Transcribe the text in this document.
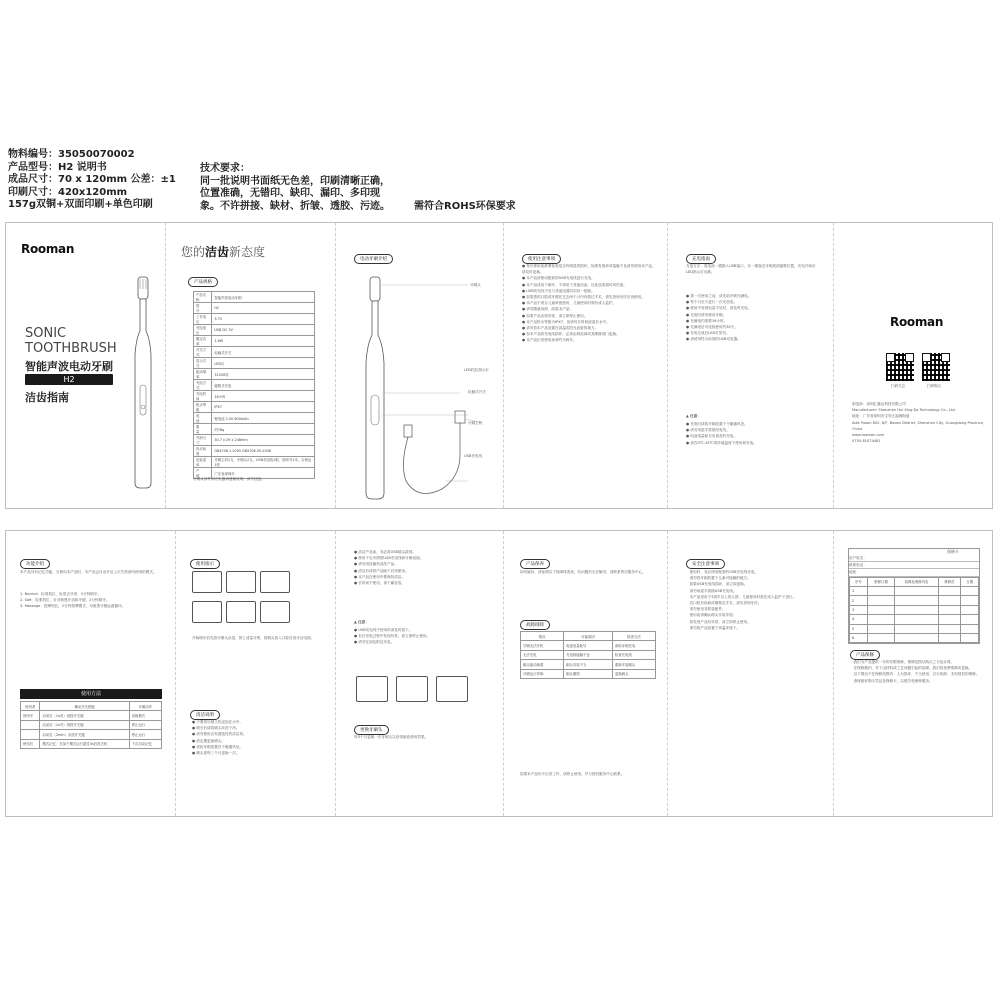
物料编号：35050070002
产品型号：H2 说明书
成品尺寸：70 x 120mm 公差：±1
印刷尺寸：420x120mm
157g双铜+双面印刷+单色印刷
技术要求：
同一批说明书面纸无色差，印刷清晰正确，
位置准确，无错印、缺印、漏印、多印现
象。不许拼接、缺材、折皱、透胶、污迹。 需符合ROHS环保要求
Rooman
SONIC
TOOTHBRUSH
智能声波电动牙刷
H2
洁齿指南
您的洁齿新态度
产品规格
产品名称	智能声波电动牙刷
型　　号	H2
工作电压	3.7V
充电电压	USB DC 5V
额定功率	1.6W
开关方式	轻触式开关
显示方式	LED灯
振动频率	31000转
充电方式	磁吸式充电
充电时间	16小时
防水等级	IPX7
电　　池	锂电池 2.4V 600mAh
重　　量	约78g
外形尺寸	30.7 x 29 x 248mm
执行标准	GB4706.1-2005 GB4706.59-2008
包装清单	牙刷主机1支、牙刷头2支、USB充电线1根、说明书1本、合格证1张
产　　地	广东省深圳市
牙刷头部件和充电器请遵循说明。请勿浸泡。
电动牙刷介绍
牙刷头
LED档位指示灯
轻触式开关
牙刷主机
USB充电线
使用注意事项
● 每次使用前都要检查是否有明显的损坏，如果有损坏或接触不良请勿使用本产品，请及时更换。
● 本产品请使用配套的USB充电线进行充电。
● 本产品适用于刷牙，不得用于其他用途，以免造成损坏或伤害。
● USB充电线不宜与其他电器共用同一插座。
● 如果您的口腔或牙龈在过去两个月内有做过手术，请先咨询牙医后再使用。
● 本产品不适合儿童单独使用，儿童使用时需有成人监护。
● 请勿随意拆卸、改装本产品。
● 如果产品出现异常，请立即停止使用。
● 本产品防水等级为IPX7，但请勿长时间浸泡在水中。
● 请勿将本产品放置在高温或阳光直射的地方。
● 如本产品的充电线损坏，必须由制造商或其维修部门更换。
● 本产品正常使用寿命约为两年。
充电指南
充电方法：将电池一端插入USB接口，另一端靠近牙刷底部磁吸位置，充电开始后LED指示灯闪烁。
● 第一次使用之前，请先给牙刷充满电。
● 每个月至少进行一次充放电。
● 使用中发现电量不足时，请及时充电。
● 充电时请勿使用牙刷。
● 充满电约需要16小时。
● 充满电后可连续使用约30天。
● 充电完成后LED灯常亮。
● 请使用符合标准的USB充电器。
▲ 注意：
● 充电时请将牙刷放置于干燥通风处。
● 请勿用湿手拔插充电线。
● 电池电量耗尽后请及时充电。
● 请在0℃-35℃的环境温度下使用和充电。
Rooman
扫码关注	扫码购买
制造商：深圳汇鑫达科技有限公司
Manufacturer: Shenzhen Hui Xing Da Technology Co., Ltd.
地址：广东省深圳市宝安区福海街道
Add: Room 802, 8/F, Baoan District, Shenzhen City, Guangdong Province, China
www.rooman.com
0755-81074481
功能介绍
本产品具有记忆功能，当使用本产品时，本产品会自动开启上次关机前所使用的模式。
1. Normal：标准档位，轻度去牙渍，2分钟刷牙。
2. Soft：轻柔档位，针对敏感牙齿和牙龈，2分钟刷牙。
3. Massage：按摩档位，2分钟按摩模式，可改善牙龈血液循环。
使用方法
使用者	操动开关按键	牙刷动作
使用中	启动后（1s内）再按开关键	切换模式
	启动后（1s外）再按开关键	停止运行
	启动后（2min）未按开关键	停止运行
使用后	模式记忆：在某个模式运行超过5s后再关机	下次启动记忆
使用指示
开始刷牙前先将牙刷头沾湿，挤上适量牙膏，将刷头放入口腔后再开启电源。
清洁说明
● 不要将牙刷主机浸泡在水中。
● 刷牙后请将刷头冲洗干净。
● 请勿使用含有腐蚀性的清洁剂。
● 请定期更换刷头。
● 请将牙刷放置在干燥通风处。
● 刷头需每三个月更换一次。
● 清洁产品前，务必将USB插头拔掉。
● 使用干毛巾擦拭USB充电线和牙刷表面。
● 请勿用洗碗机清洗产品。
● 清洁后请将产品晾干后再使用。
● 本产品在使用中要保持清洁。
● 长时间不使用，请干燥存放。
▲ 注意：
● USB充电线不使用时请及时拔下。
● 若在充电过程中发现异常，请立即停止使用。
● 请勿在浴缸附近充电。
更换牙刷头
每3个月更换一次牙刷头以获得最佳使用效果。
产品保养
如有疑问，请参照以下故障排查表，若问题仍无法解决，请联系售后服务中心。
故障排除
情况	可能原因	排查方法
牙刷无法开机	电池电量耗尽	请给牙刷充电
无法充电	充电线接触不良	检查充电线
刷头振动减弱	刷头安装不当	重新安装刷头
牙刷运行异响	刷头磨损	更换刷头
如果本产品仍不正常工作，请停止使用，并与授权服务中心联系。
安全注意事项
　使用时，务必使用配套的USB充电线充电。
　请勿将牙刷放置于儿童可接触的地方。
　如果USB充电线损坏，请立即更换。
　请勿用湿手拔插USB充电线。
　本产品适用于3周岁以上的人群，儿童使用时需在成人监护下进行。
　若口腔有疾病或刚做完手术，请先咨询牙医。
　请勿使用非原装配件。
　使用前请确认刷头安装牢固。
　如发现产品有异常，请立即停止使用。
　请勿将产品放置于高温环境下。
保修卡
用户姓名：
联系电话：
地址：
序号	维修日期	故障及维修内容	维修员	日期
1				
2				
3				
4				
5				
6				
产品保修
　我们为产品提供一年的有限保修，保修范围从购买之日起计算。
　在保修期内，对于由材料或工艺问题引起的故障，我们将免费维修或更换。
　以下情况不在保修范围内：人为损坏、不当使用、自行拆卸、未经授权的维修。
　请保留好购买凭证及保修卡，以便享受保修服务。
